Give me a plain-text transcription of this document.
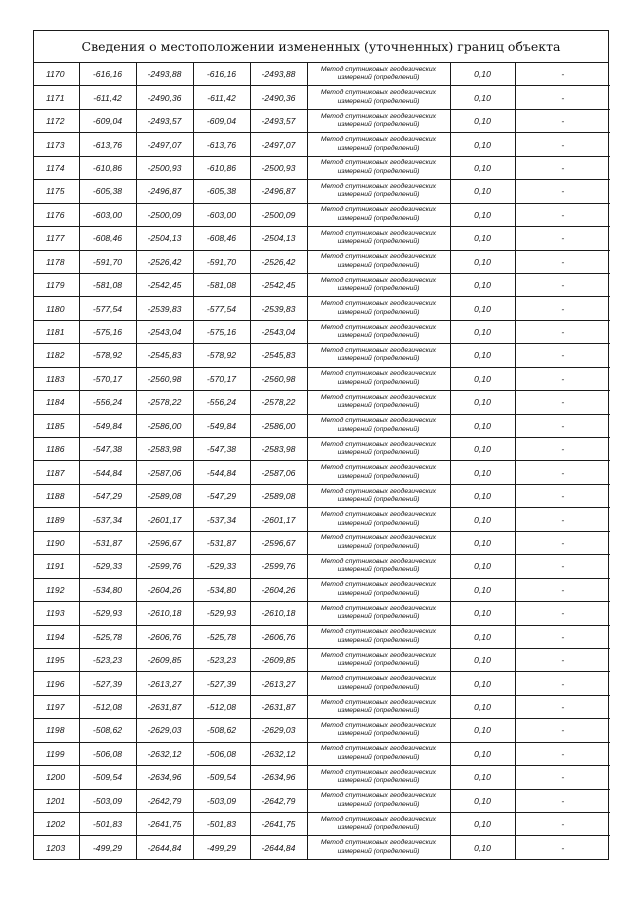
Сведения о местоположении измененных (уточненных) границ объекта
1170	-616,16	-2493,88	-616,16	-2493,88	Метод спутниковых геодезических
измерений (определений)	0,10	-
1171	-611,42	-2490,36	-611,42	-2490,36	Метод спутниковых геодезических
измерений (определений)	0,10	-
1172	-609,04	-2493,57	-609,04	-2493,57	Метод спутниковых геодезических
измерений (определений)	0,10	-
1173	-613,76	-2497,07	-613,76	-2497,07	Метод спутниковых геодезических
измерений (определений)	0,10	-
1174	-610,86	-2500,93	-610,86	-2500,93	Метод спутниковых геодезических
измерений (определений)	0,10	-
1175	-605,38	-2496,87	-605,38	-2496,87	Метод спутниковых геодезических
измерений (определений)	0,10	-
1176	-603,00	-2500,09	-603,00	-2500,09	Метод спутниковых геодезических
измерений (определений)	0,10	-
1177	-608,46	-2504,13	-608,46	-2504,13	Метод спутниковых геодезических
измерений (определений)	0,10	-
1178	-591,70	-2526,42	-591,70	-2526,42	Метод спутниковых геодезических
измерений (определений)	0,10	-
1179	-581,08	-2542,45	-581,08	-2542,45	Метод спутниковых геодезических
измерений (определений)	0,10	-
1180	-577,54	-2539,83	-577,54	-2539,83	Метод спутниковых геодезических
измерений (определений)	0,10	-
1181	-575,16	-2543,04	-575,16	-2543,04	Метод спутниковых геодезических
измерений (определений)	0,10	-
1182	-578,92	-2545,83	-578,92	-2545,83	Метод спутниковых геодезических
измерений (определений)	0,10	-
1183	-570,17	-2560,98	-570,17	-2560,98	Метод спутниковых геодезических
измерений (определений)	0,10	-
1184	-556,24	-2578,22	-556,24	-2578,22	Метод спутниковых геодезических
измерений (определений)	0,10	-
1185	-549,84	-2586,00	-549,84	-2586,00	Метод спутниковых геодезических
измерений (определений)	0,10	-
1186	-547,38	-2583,98	-547,38	-2583,98	Метод спутниковых геодезических
измерений (определений)	0,10	-
1187	-544,84	-2587,06	-544,84	-2587,06	Метод спутниковых геодезических
измерений (определений)	0,10	-
1188	-547,29	-2589,08	-547,29	-2589,08	Метод спутниковых геодезических
измерений (определений)	0,10	-
1189	-537,34	-2601,17	-537,34	-2601,17	Метод спутниковых геодезических
измерений (определений)	0,10	-
1190	-531,87	-2596,67	-531,87	-2596,67	Метод спутниковых геодезических
измерений (определений)	0,10	-
1191	-529,33	-2599,76	-529,33	-2599,76	Метод спутниковых геодезических
измерений (определений)	0,10	-
1192	-534,80	-2604,26	-534,80	-2604,26	Метод спутниковых геодезических
измерений (определений)	0,10	-
1193	-529,93	-2610,18	-529,93	-2610,18	Метод спутниковых геодезических
измерений (определений)	0,10	-
1194	-525,78	-2606,76	-525,78	-2606,76	Метод спутниковых геодезических
измерений (определений)	0,10	-
1195	-523,23	-2609,85	-523,23	-2609,85	Метод спутниковых геодезических
измерений (определений)	0,10	-
1196	-527,39	-2613,27	-527,39	-2613,27	Метод спутниковых геодезических
измерений (определений)	0,10	-
1197	-512,08	-2631,87	-512,08	-2631,87	Метод спутниковых геодезических
измерений (определений)	0,10	-
1198	-508,62	-2629,03	-508,62	-2629,03	Метод спутниковых геодезических
измерений (определений)	0,10	-
1199	-506,08	-2632,12	-506,08	-2632,12	Метод спутниковых геодезических
измерений (определений)	0,10	-
1200	-509,54	-2634,96	-509,54	-2634,96	Метод спутниковых геодезических
измерений (определений)	0,10	-
1201	-503,09	-2642,79	-503,09	-2642,79	Метод спутниковых геодезических
измерений (определений)	0,10	-
1202	-501,83	-2641,75	-501,83	-2641,75	Метод спутниковых геодезических
измерений (определений)	0,10	-
1203	-499,29	-2644,84	-499,29	-2644,84	Метод спутниковых геодезических
измерений (определений)	0,10	-
